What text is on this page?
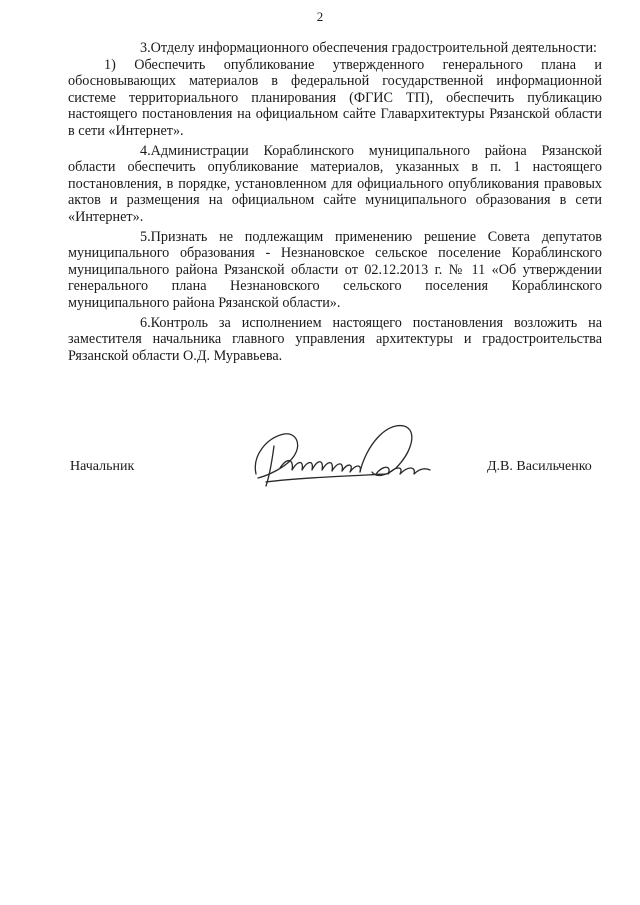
2

3.Отделу информационного обеспечения градостроительной деятельности:

1) Обеспечить опубликование утвержденного генерального плана и обосновывающих материалов в федеральной государственной информационной системе территориального планирования (ФГИС ТП), обеспечить публикацию настоящего постановления на официальном сайте Главархитектуры Рязанской области в сети «Интернет».

4.Администрации Кораблинского муниципального района Рязанской области обеспечить опубликование материалов, указанных в п. 1 настоящего постановления, в порядке, установленном для официального опубликования правовых актов и размещения на официальном сайте муниципального образования в сети «Интернет».

5.Признать не подлежащим применению решение Совета депутатов муниципального образования - Незнановское сельское поселение Кораблинского муниципального района Рязанской области от 02.12.2013 г. № 11 «Об утверждении генерального плана Незнановского сельского поселения Кораблинского муниципального района Рязанской области».

6.Контроль за исполнением настоящего постановления возложить на заместителя начальника главного управления архитектуры и градостроительства Рязанской области О.Д. Муравьева.

Начальник	Д.В. Васильченко
